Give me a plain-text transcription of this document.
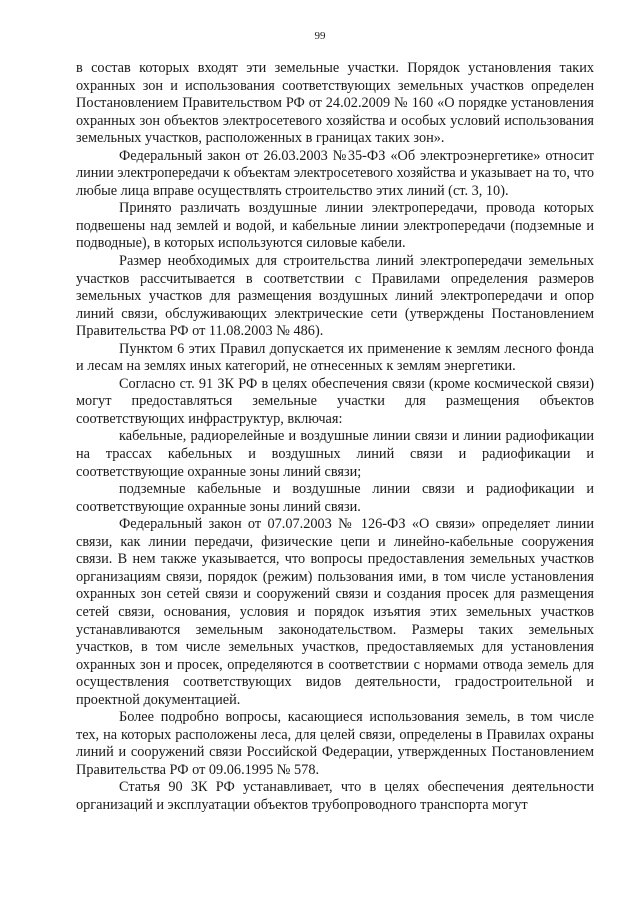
99

в состав которых входят эти земельные участки. Порядок установления таких охранных зон и использования соответствующих земельных участков определен Постановлением Правительством РФ от 24.02.2009 № 160 «О порядке установления охранных зон объектов электросетевого хозяйства и особых условий использования земельных участков, расположенных в границах таких зон».

Федеральный закон от 26.03.2003 №35-ФЗ «Об электроэнергетике» относит линии электропередачи к объектам электросетевого хозяйства и указывает на то, что любые лица вправе осуществлять строительство этих линий (ст. 3, 10).

Принято различать воздушные линии электропередачи, провода которых подвешены над землей и водой, и кабельные линии электропередачи (подземные и подводные), в которых используются силовые кабели.

Размер необходимых для строительства линий электропередачи земельных участков рассчитывается в соответствии с Правилами определения размеров земельных участков для размещения воздушных линий электропередачи и опор линий связи, обслуживающих электрические сети (утверждены Постановлением Правительства РФ от 11.08.2003 № 486).

Пунктом 6 этих Правил допускается их применение к землям лесного фонда и лесам на землях иных категорий, не отнесенных к землям энергетики.

Согласно ст. 91 ЗК РФ в целях обеспечения связи (кроме космической связи) могут предоставляться земельные участки для размещения объектов соответствующих инфраструктур, включая:

кабельные, радиорелейные и воздушные линии связи и линии радиофикации на трассах кабельных и воздушных линий связи и радиофикации и соответствующие охранные зоны линий связи;

подземные кабельные и воздушные линии связи и радиофикации и соответствующие охранные зоны линий связи.

Федеральный закон от 07.07.2003 № 126-ФЗ «О связи» определяет линии связи, как линии передачи, физические цепи и линейно-кабельные сооружения связи. В нем также указывается, что вопросы предоставления земельных участков организациям связи, порядок (режим) пользования ими, в том числе установления охранных зон сетей связи и сооружений связи и создания просек для размещения сетей связи, основания, условия и порядок изъятия этих земельных участков устанавливаются земельным законодательством. Размеры таких земельных участков, в том числе земельных участков, предоставляемых для установления охранных зон и просек, определяются в соответствии с нормами отвода земель для осуществления соответствующих видов деятельности, градостроительной и проектной документацией.

Более подробно вопросы, касающиеся использования земель, в том числе тех, на которых расположены леса, для целей связи, определены в Правилах охраны линий и сооружений связи Российской Федерации, утвержденных Постановлением Правительства РФ от 09.06.1995 № 578.

Статья 90 ЗК РФ устанавливает, что в целях обеспечения деятельности организаций и эксплуатации объектов трубопроводного транспорта могут
